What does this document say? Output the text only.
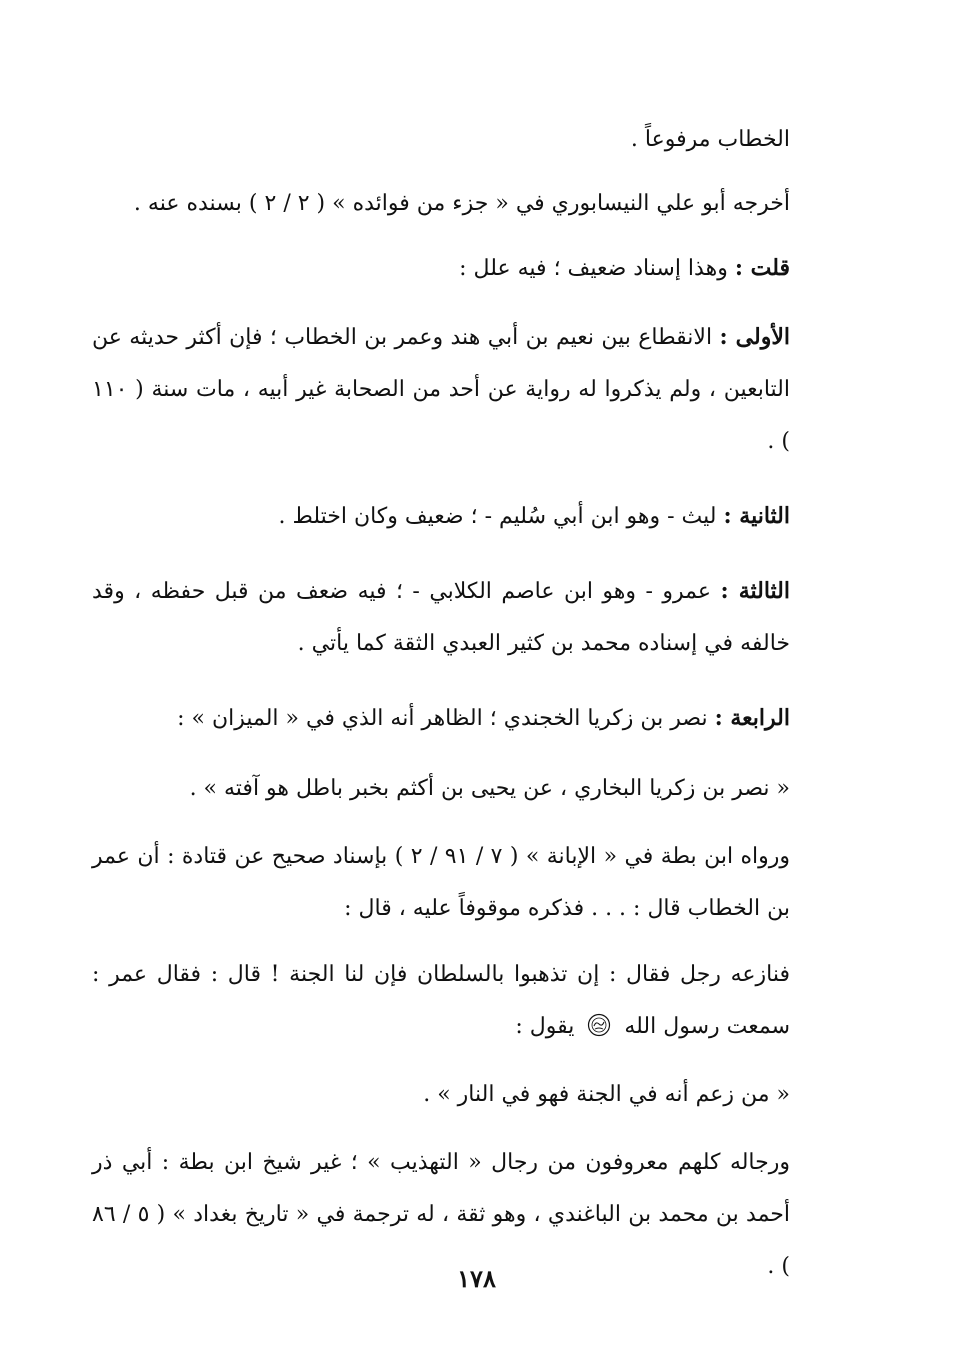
الخطاب مرفوعاً .

أخرجه أبو علي النيسابوري في « جزء من فوائده » ( ٢ / ٢ ) بسنده عنه .

قلت : وهذا إسناد ضعيف ؛ فيه علل :

الأولى : الانقطاع بين نعيم بن أبي هند وعمر بن الخطاب ؛ فإن أكثر حديثه عن التابعين ، ولم يذكروا له رواية عن أحد من الصحابة غير أبيه ، مات سنة ( ١١٠ ) .

الثانية : ليث - وهو ابن أبي سُليم - ؛ ضعيف وكان اختلط .

الثالثة : عمرو - وهو ابن عاصم الكلابي - ؛ فيه ضعف من قبل حفظه ، وقد خالفه في إسناده محمد بن كثير العبدي الثقة كما يأتي .

الرابعة : نصر بن زكريا الخجندي ؛ الظاهر أنه الذي في « الميزان » :

« نصر بن زكريا البخاري ، عن يحيى بن أكثم بخبر باطل هو آفته » .

ورواه ابن بطة في « الإبانة » ( ٧ / ٩١ / ٢ ) بإسناد صحيح عن قتادة : أن عمر بن الخطاب قال : . . . فذكره موقوفاً عليه ، قال :

فنازعه رجل فقال : إن تذهبوا بالسلطان فإن لنا الجنة ! قال : فقال عمر : سمعت رسول الله  يقول :

« من زعم أنه في الجنة فهو في النار » .

ورجاله كلهم معروفون من رجال « التهذيب » ؛ غير شيخ ابن بطة : أبي ذر أحمد بن محمد بن الباغندي ، وهو ثقة ، له ترجمة في « تاريخ بغداد » ( ٥ / ٨٦ ) .

١٧٨
